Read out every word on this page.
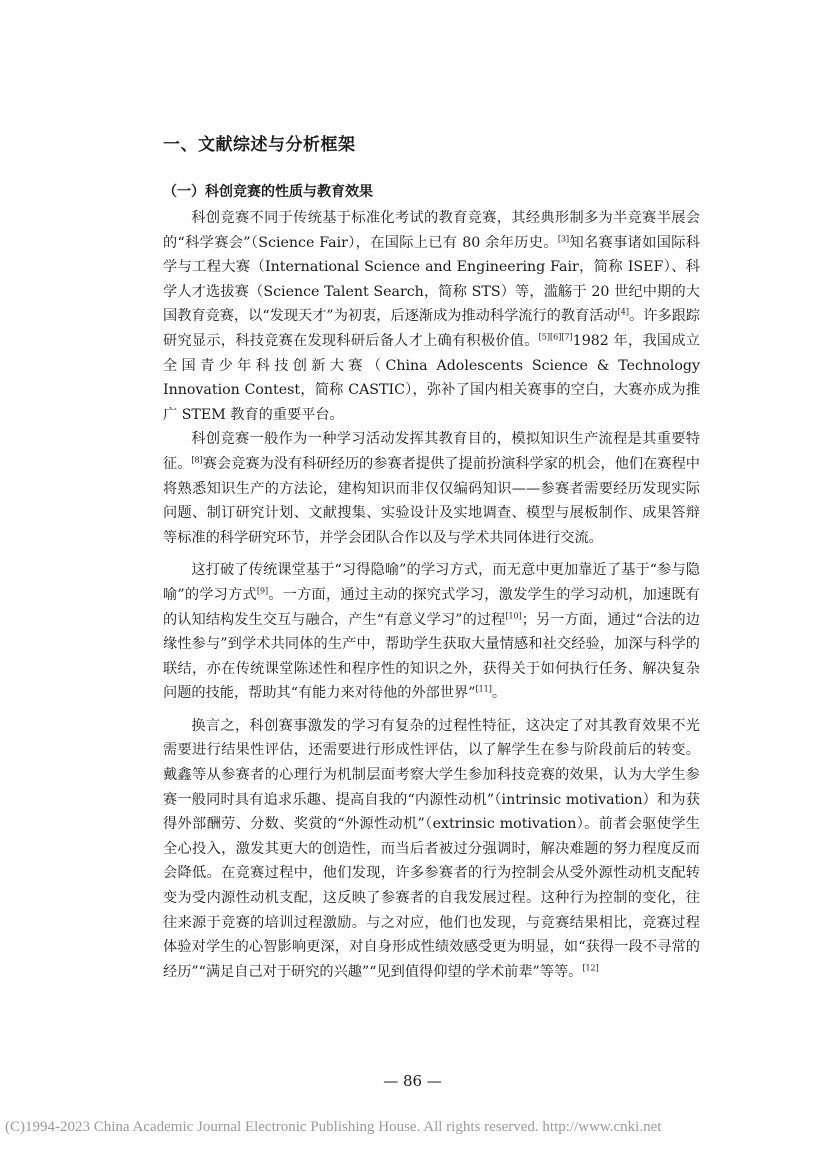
一、文献综述与分析框架
（一）科创竞赛的性质与教育效果

科创竞赛不同于传统基于标准化考试的教育竞赛，其经典形制多为半竞赛半展会的“科学赛会”（Science Fair），在国际上已有 80 余年历史。[3]知名赛事诸如国际科学与工程大赛（International Science and Engineering Fair，简称 ISEF）、科学人才选拔赛（Science Talent Search，简称 STS）等，滥觞于 20 世纪中期的大国教育竞赛，以“发现天才”为初衷，后逐渐成为推动科学流行的教育活动[4]。许多跟踪研究显示，科技竞赛在发现科研后备人才上确有积极价值。[5][6][7]1982 年，我国成立全国青少年科技创新大赛（China Adolescents Science & Technology Innovation Contest，简称 CASTIC），弥补了国内相关赛事的空白，大赛亦成为推广 STEM 教育的重要平台。

科创竞赛一般作为一种学习活动发挥其教育目的，模拟知识生产流程是其重要特征。[8]赛会竞赛为没有科研经历的参赛者提供了提前扮演科学家的机会，他们在赛程中将熟悉知识生产的方法论，建构知识而非仅仅编码知识——参赛者需要经历发现实际问题、制订研究计划、文献搜集、实验设计及实地调查、模型与展板制作、成果答辩等标准的科学研究环节，并学会团队合作以及与学术共同体进行交流。

这打破了传统课堂基于“习得隐喻”的学习方式，而无意中更加靠近了基于“参与隐喻”的学习方式[9]。一方面，通过主动的探究式学习，激发学生的学习动机，加速既有的认知结构发生交互与融合，产生“有意义学习”的过程[10]；另一方面，通过“合法的边缘性参与”到学术共同体的生产中，帮助学生获取大量情感和社交经验，加深与科学的联结，亦在传统课堂陈述性和程序性的知识之外，获得关于如何执行任务、解决复杂问题的技能，帮助其“有能力来对待他的外部世界”[11]。

换言之，科创赛事激发的学习有复杂的过程性特征，这决定了对其教育效果不光需要进行结果性评估，还需要进行形成性评估，以了解学生在参与阶段前后的转变。戴鑫等从参赛者的心理行为机制层面考察大学生参加科技竞赛的效果，认为大学生参赛一般同时具有追求乐趣、提高自我的“内源性动机”（intrinsic motivation）和为获得外部酬劳、分数、奖赏的“外源性动机”（extrinsic motivation）。前者会驱使学生全心投入，激发其更大的创造性，而当后者被过分强调时，解决难题的努力程度反而会降低。在竞赛过程中，他们发现，许多参赛者的行为控制会从受外源性动机支配转变为受内源性动机支配，这反映了参赛者的自我发展过程。这种行为控制的变化，往往来源于竞赛的培训过程激励。与之对应，他们也发现，与竞赛结果相比，竞赛过程体验对学生的心智影响更深，对自身形成性绩效感受更为明显，如“获得一段不寻常的经历”“满足自己对于研究的兴趣”“见到值得仰望的学术前辈”等等。[12]

— 86 —

(C)1994-2023 China Academic Journal Electronic Publishing House. All rights reserved. http://www.cnki.net
